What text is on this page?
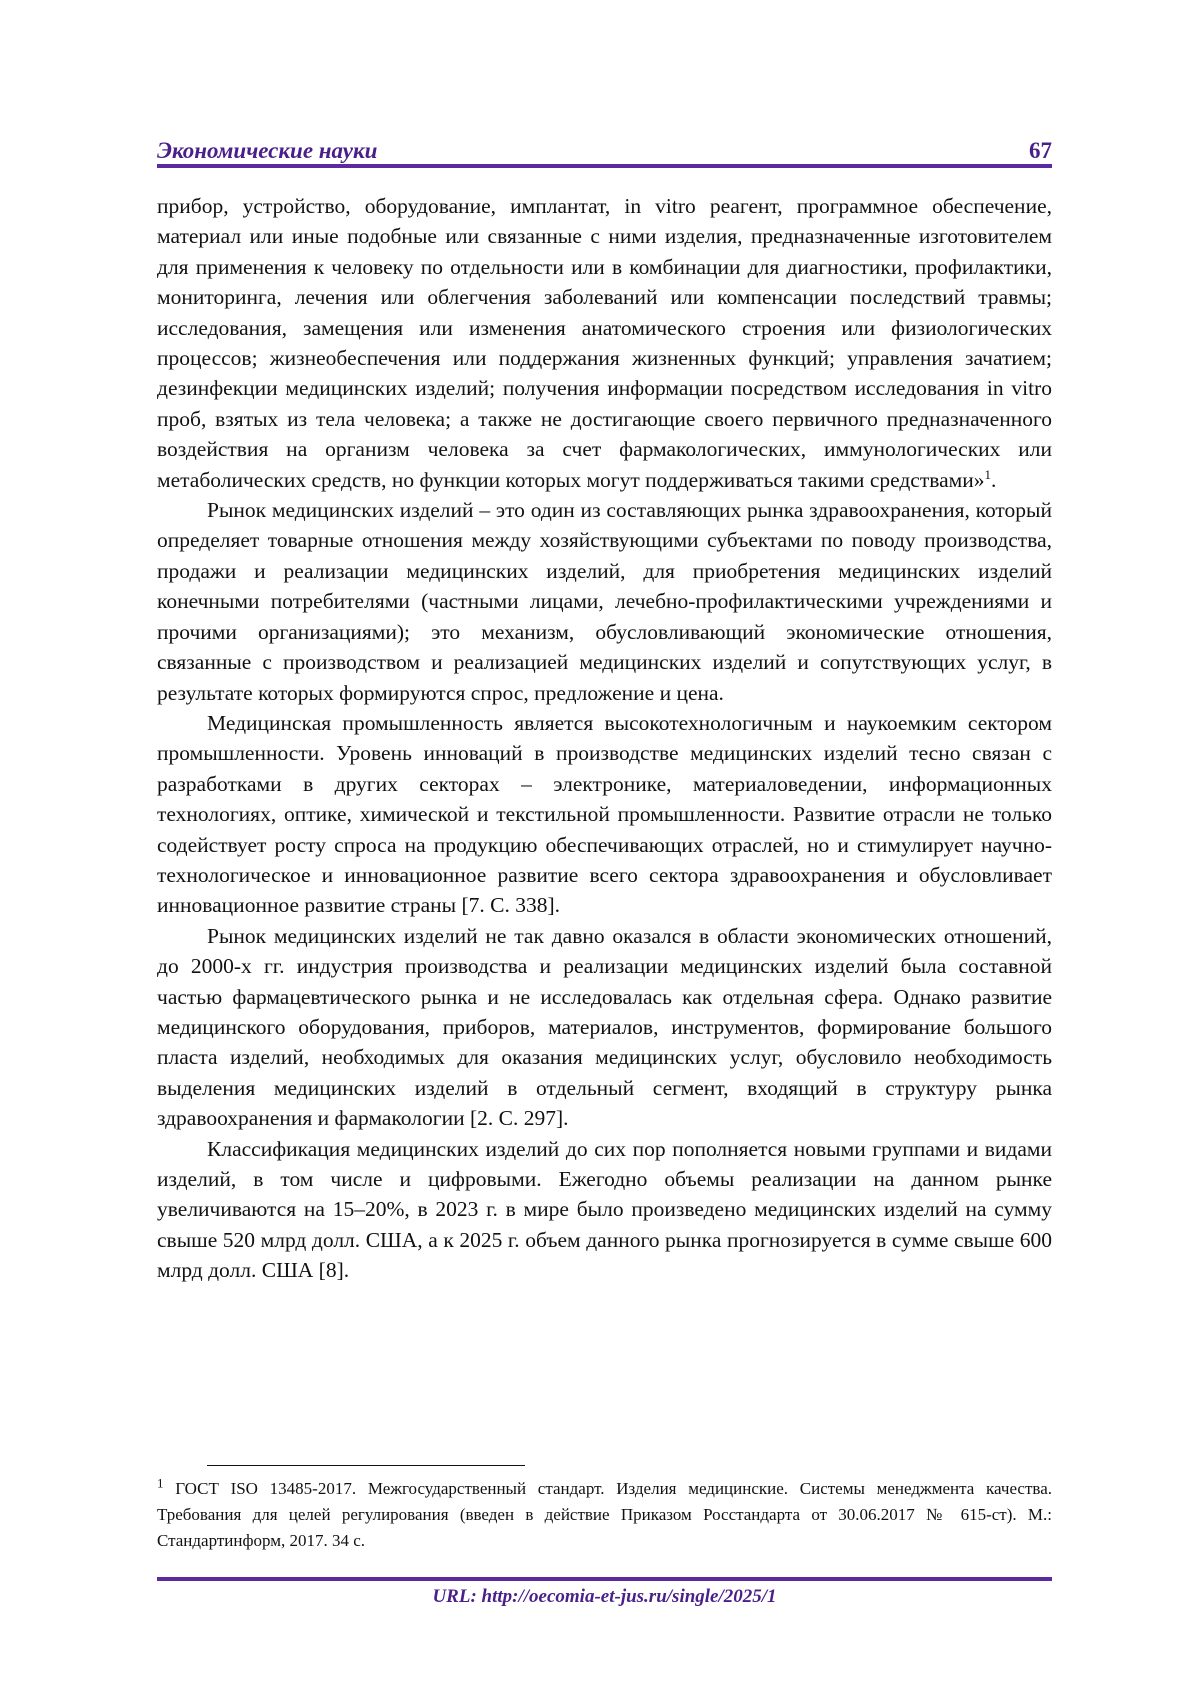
Экономические науки	67

прибор, устройство, оборудование, имплантат, in vitro реагент, программное обеспечение, материал или иные подобные или связанные с ними изделия, предназначенные изготовителем для применения к человеку по отдельности или в комбинации для диагностики, профилактики, мониторинга, лечения или облегчения заболеваний или компенсации последствий травмы; исследования, замещения или изменения анатомического строения или физиологических процессов; жизнеобеспечения или поддержания жизненных функций; управления зачатием; дезинфекции медицинских изделий; получения информации посредством исследования in vitro проб, взятых из тела человека; а также не достигающие своего первичного предназначенного воздействия на организм человека за счет фармакологических, иммунологических или метаболических средств, но функции которых могут поддерживаться такими средствами»$^1$.

Рынок медицинских изделий – это один из составляющих рынка здравоохранения, который определяет товарные отношения между хозяйствующими субъектами по поводу производства, продажи и реализации медицинских изделий, для приобретения медицинских изделий конечными потребителями (частными лицами, лечебно-профилактическими учреждениями и прочими организациями); это механизм, обусловливающий экономические отношения, связанные с производством и реализацией медицинских изделий и сопутствующих услуг, в результате которых формируются спрос, предложение и цена.

Медицинская промышленность является высокотехнологичным и наукоемким сектором промышленности. Уровень инноваций в производстве медицинских изделий тесно связан с разработками в других секторах – электронике, материаловедении, информационных технологиях, оптике, химической и текстильной промышленности. Развитие отрасли не только содействует росту спроса на продукцию обеспечивающих отраслей, но и стимулирует научно-технологическое и инновационное развитие всего сектора здравоохранения и обусловливает инновационное развитие страны [7. С. 338].

Рынок медицинских изделий не так давно оказался в области экономических отношений, до 2000-х гг. индустрия производства и реализации медицинских изделий была составной частью фармацевтического рынка и не исследовалась как отдельная сфера. Однако развитие медицинского оборудования, приборов, материалов, инструментов, формирование большого пласта изделий, необходимых для оказания медицинских услуг, обусловило необходимость выделения медицинских изделий в отдельный сегмент, входящий в структуру рынка здравоохранения и фармакологии [2. С. 297].

Классификация медицинских изделий до сих пор пополняется новыми группами и видами изделий, в том числе и цифровыми. Ежегодно объемы реализации на данном рынке увеличиваются на 15–20%, в 2023 г. в мире было произведено медицинских изделий на сумму свыше 520 млрд долл. США, а к 2025 г. объем данного рынка прогнозируется в сумме свыше 600 млрд долл. США [8].

$^1$ ГОСТ ISO 13485-2017. Межгосударственный стандарт. Изделия медицинские. Системы менеджмента качества. Требования для целей регулирования (введен в действие Приказом Росстандарта от 30.06.2017 № 615-ст). М.: Стандартинформ, 2017. 34 с.

URL: http://oecomia-et-jus.ru/single/2025/1
